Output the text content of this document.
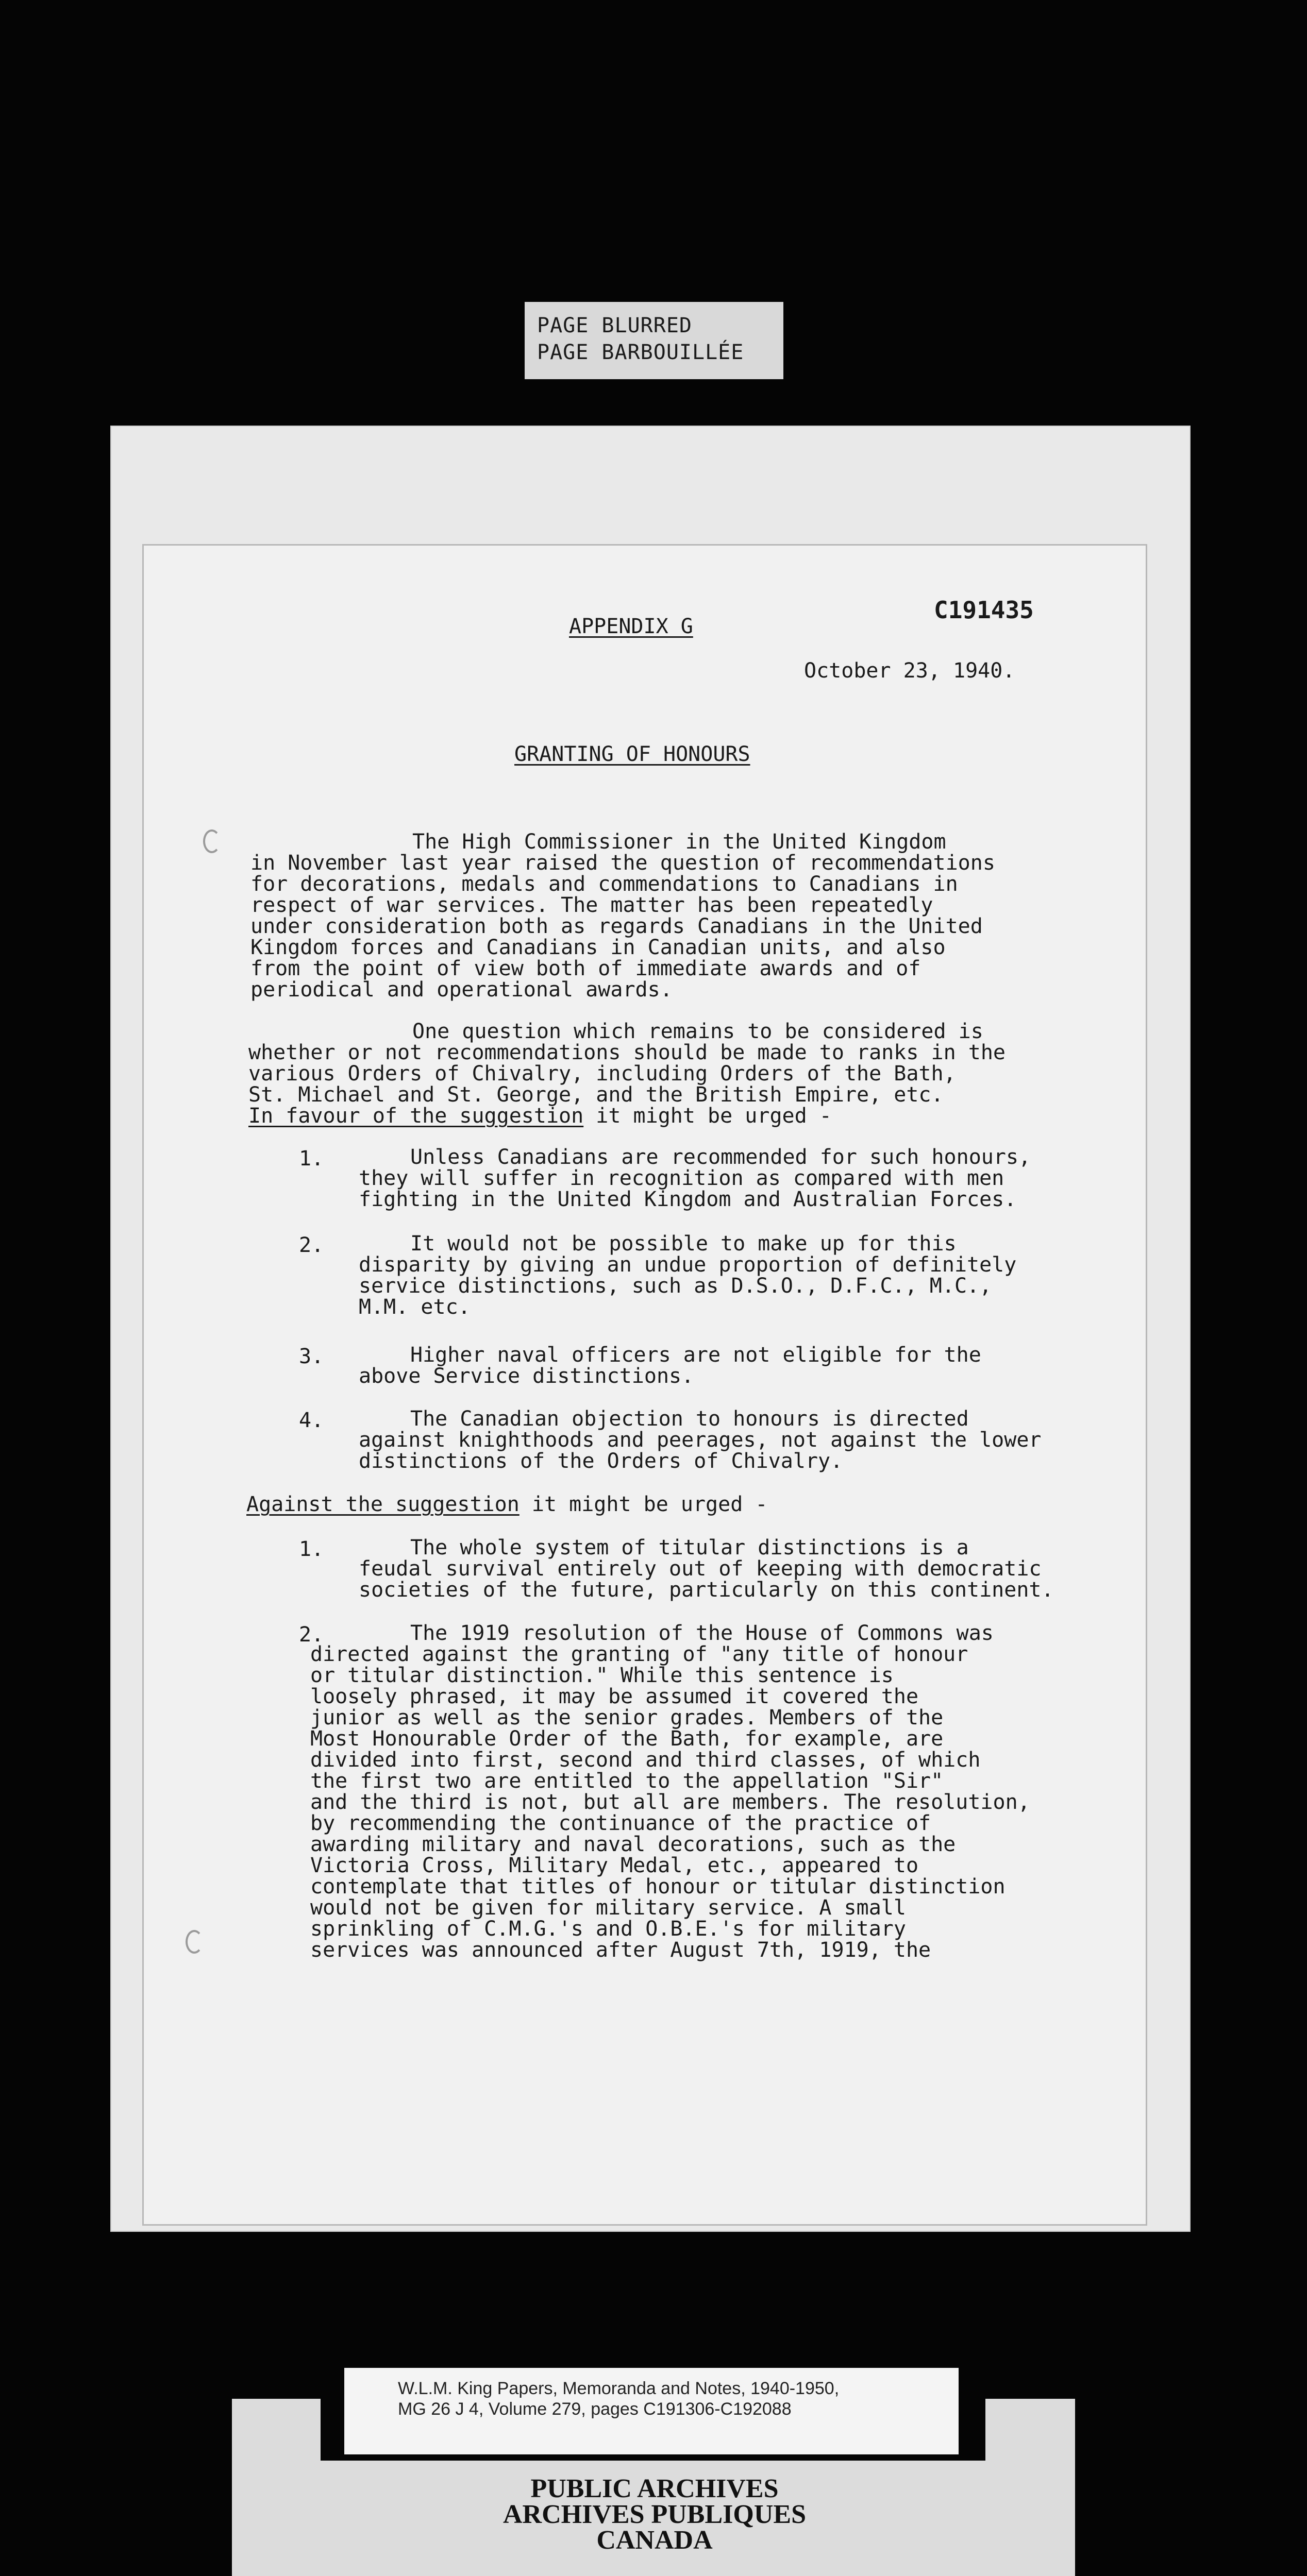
PAGE BLURRED
PAGE BARBOUILLÉE
APPENDIX G
C191435
October 23, 1940.
GRANTING OF HONOURS
The High Commissioner in the United Kingdom
in November last year raised the question of recommendations
for decorations, medals and commendations to Canadians in
respect of war services. The matter has been repeatedly
under consideration both as regards Canadians in the United
Kingdom forces and Canadians in Canadian units, and also
from the point of view both of immediate awards and of
periodical and operational awards.
One question which remains to be considered is
whether or not recommendations should be made to ranks in the
various Orders of Chivalry, including Orders of the Bath,
St. Michael and St. George, and the British Empire, etc.
In favour of the suggestion it might be urged -
1.	Unless Canadians are recommended for such honours,
they will suffer in recognition as compared with men
fighting in the United Kingdom and Australian Forces.
2.	It would not be possible to make up for this
disparity by giving an undue proportion of definitely
service distinctions, such as D.S.O., D.F.C., M.C.,
M.M. etc.
3.	Higher naval officers are not eligible for the
above Service distinctions.
4.	The Canadian objection to honours is directed
against knighthoods and peerages, not against the lower
distinctions of the Orders of Chivalry.
Against the suggestion it might be urged -
1.	The whole system of titular distinctions is a
feudal survival entirely out of keeping with democratic
societies of the future, particularly on this continent.
2.	The 1919 resolution of the House of Commons was
directed against the granting of "any title of honour
or titular distinction." While this sentence is
loosely phrased, it may be assumed it covered the
junior as well as the senior grades. Members of the
Most Honourable Order of the Bath, for example, are
divided into first, second and third classes, of which
the first two are entitled to the appellation "Sir"
and the third is not, but all are members. The resolution,
by recommending the continuance of the practice of
awarding military and naval decorations, such as the
Victoria Cross, Military Medal, etc., appeared to
contemplate that titles of honour or titular distinction
would not be given for military service. A small
sprinkling of C.M.G.'s and O.B.E.'s for military
services was announced after August 7th, 1919, the
W.L.M. King Papers, Memoranda and Notes, 1940-1950,
MG 26 J 4, Volume 279, pages C191306-C192088
PUBLIC ARCHIVES
ARCHIVES PUBLIQUES
CANADA
